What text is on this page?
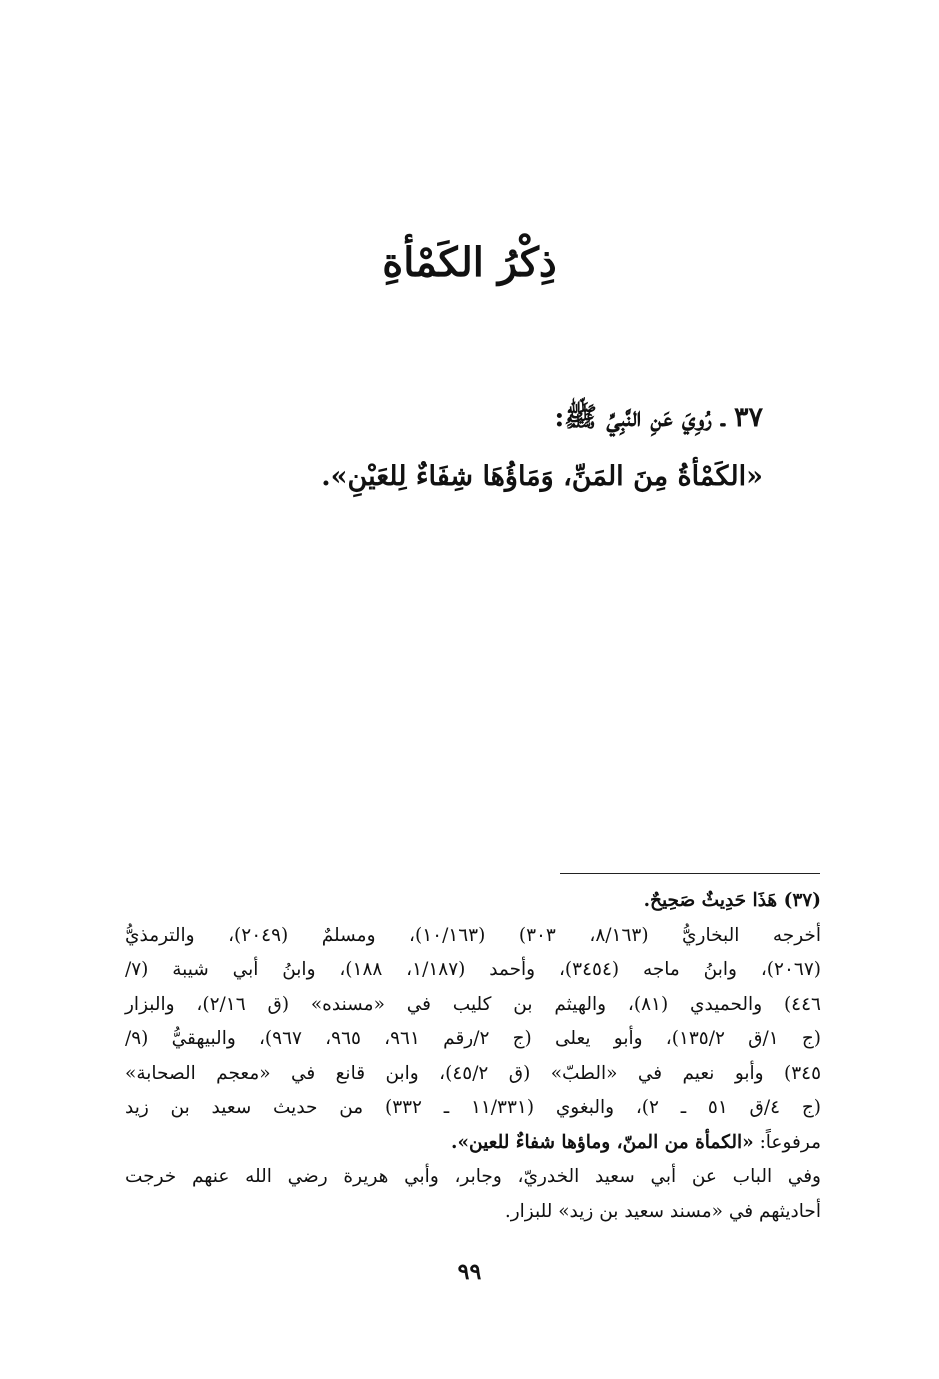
ذِكْرُ الكَمْأةِ
٣٧ ـ رُوِيَ عَنِ النَّبِيِّ ﷺ:
«الكَمْأةُ مِنَ المَنِّ، وَمَاؤُهَا شِفَاءٌ لِلعَيْنِ».
(٣٧) هَذَا حَدِيثٌ صَحِيحٌ.
أخرجه البخاريُّ (٨/١٦٣، ٣٠٣) (١٠/١٦٣)، ومسلمٌ (٢٠٤٩)، والترمذيُّ
(٢٠٦٧)، وابنُ ماجه (٣٤٥٤)، وأحمد (١/١٨٧، ١٨٨)، وابنُ أبي شيبة (٧/
٤٤٦) والحميدي (٨١)، والهيثم بن كليب في «مسنده» (ق ٢/١٦)، والبزار
(ج ١/ق ١٣٥/٢)، وأبو يعلى (ج ٢/رقم ٩٦١، ٩٦٥، ٩٦٧)، والبيهقيُّ (٩/
٣٤٥) وأبو نعيم في «الطبّ» (ق ٤٥/٢)، وابن قانع في «معجم الصحابة»
(ج ٤/ق ٥١ ـ ٢)، والبغوي (١١/٣٣١ ـ ٣٣٢) من حديث سعيد بن زيد
مرفوعاً: «الكمأة من المنّ، وماؤها شفاءٌ للعين».
وفي الباب عن أبي سعيد الخدريّ، وجابر، وأبي هريرة رضي الله عنهم خرجت
أحاديثهم في «مسند سعيد بن زيد» للبزار.
٩٩
